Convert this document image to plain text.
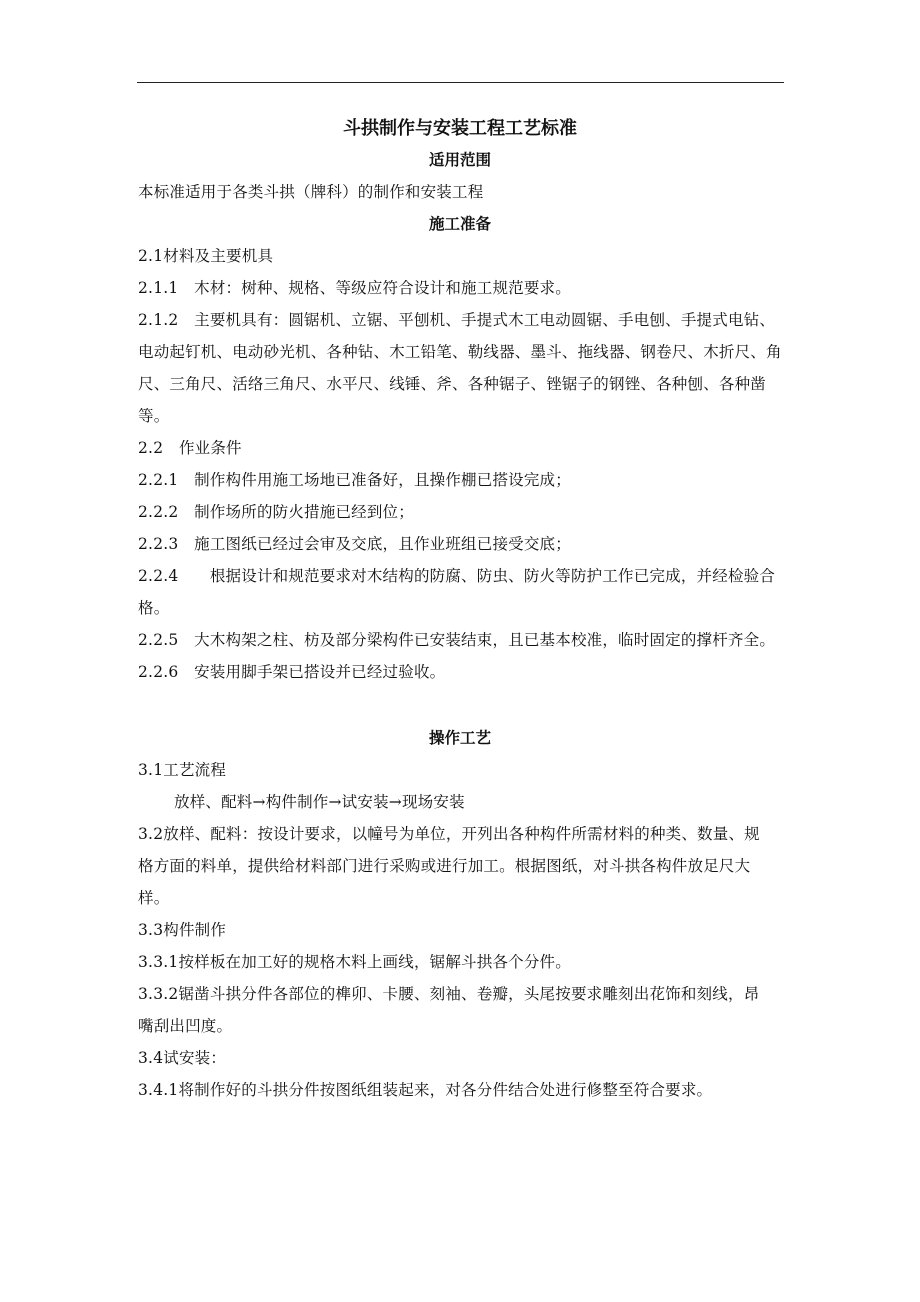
斗拱制作与安装工程工艺标准
适用范围
本标准适用于各类斗拱（牌科）的制作和安装工程
施工准备
2.1材料及主要机具
2.1.1　木材：树种、规格、等级应符合设计和施工规范要求。
2.1.2　主要机具有：圆锯机、立锯、平刨机、手提式木工电动圆锯、手电刨、手提式电钻、电动起钉机、电动砂光机、各种钻、木工铅笔、勒线器、墨斗、拖线器、钢卷尺、木折尺、角尺、三角尺、活络三角尺、水平尺、线锤、斧、各种锯子、锉锯子的钢锉、各种刨、各种凿等。
2.2　作业条件
2.2.1　制作构件用施工场地已准备好，且操作棚已搭设完成；
2.2.2　制作场所的防火措施已经到位；
2.2.3　施工图纸已经过会审及交底，且作业班组已接受交底；
2.2.4　　根据设计和规范要求对木结构的防腐、防虫、防火等防护工作已完成，并经检验合格。
2.2.5　大木构架之柱、枋及部分梁构件已安装结束，且已基本校准，临时固定的撑杆齐全。
2.2.6　安装用脚手架已搭设并已经过验收。
操作工艺
3.1工艺流程
放样、配料→构件制作→试安装→现场安装
3.2放样、配料：按设计要求，以幢号为单位，开列出各种构件所需材料的种类、数量、规格方面的料单，提供给材料部门进行采购或进行加工。根据图纸，对斗拱各构件放足尺大样。
3.3构件制作
3.3.1按样板在加工好的规格木料上画线，锯解斗拱各个分件。
3.3.2锯凿斗拱分件各部位的榫卯、卡腰、刻袖、卷瓣，头尾按要求雕刻出花饰和刻线，昂嘴刮出凹度。
3.4试安装：
3.4.1将制作好的斗拱分件按图纸组装起来，对各分件结合处进行修整至符合要求。
